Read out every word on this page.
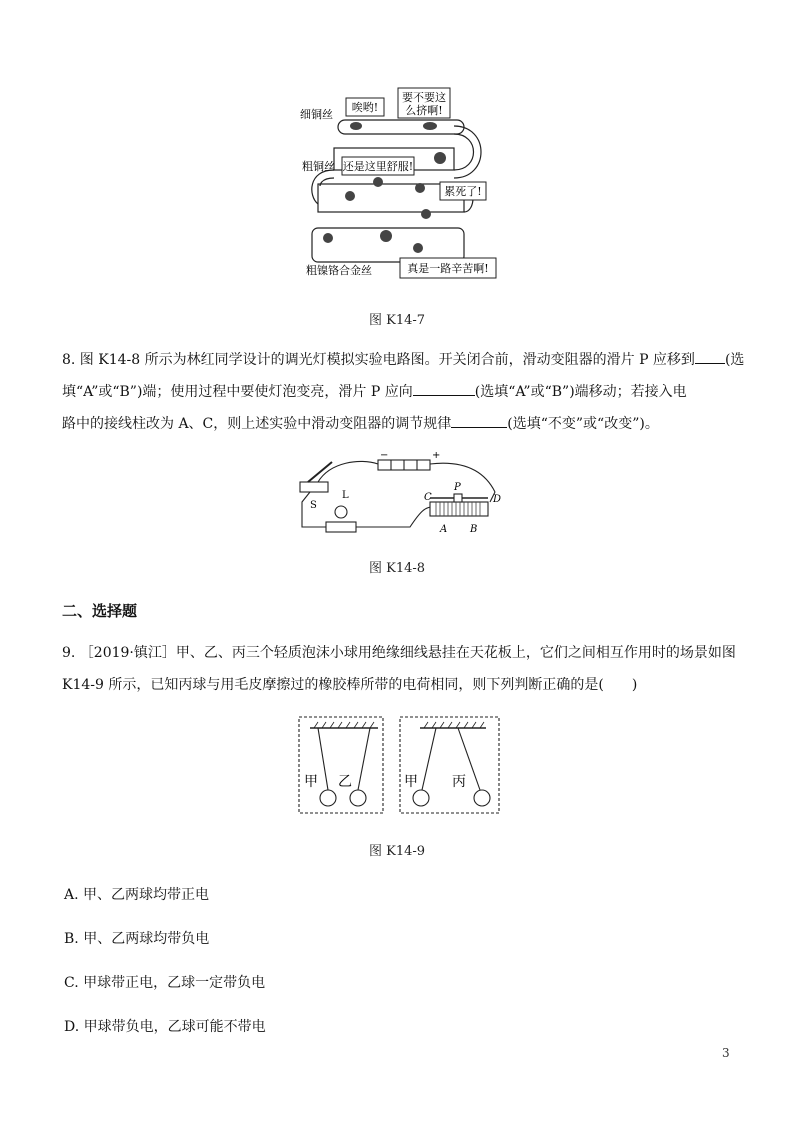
唉哟!
要不要这
么挤啊!
还是这里舒服!
累死了!
真是一路辛苦啊!
细铜丝
粗铜丝
粗镍铬合金丝
图 K14-7
8. 图 K14-8 所示为林红同学设计的调光灯模拟实验电路图。开关闭合前，滑动变阻器的滑片 P 应移到 (选
填“A”或“B”)端；使用过程中要使灯泡变亮，滑片 P 应向	(选填“A”或“B”)端移动；若接入电
路中的接线柱改为 A、C，则上述实验中滑动变阻器的调节规律	(选填“不变”或“改变”)。
−	+
S
L	C
P
D
A B
图 K14-8
二、选择题
9. ［2019·镇江］甲、乙、丙三个轻质泡沫小球用绝缘细线悬挂在天花板上，它们之间相互作用时的场景如图
K14-9 所示，已知丙球与用毛皮摩擦过的橡胶棒所带的电荷相同，则下列判断正确的是(　　)
甲 乙	甲 丙
图 K14-9
A. 甲、乙两球均带正电
B. 甲、乙两球均带负电
C. 甲球带正电，乙球一定带负电
D. 甲球带负电，乙球可能不带电
3
